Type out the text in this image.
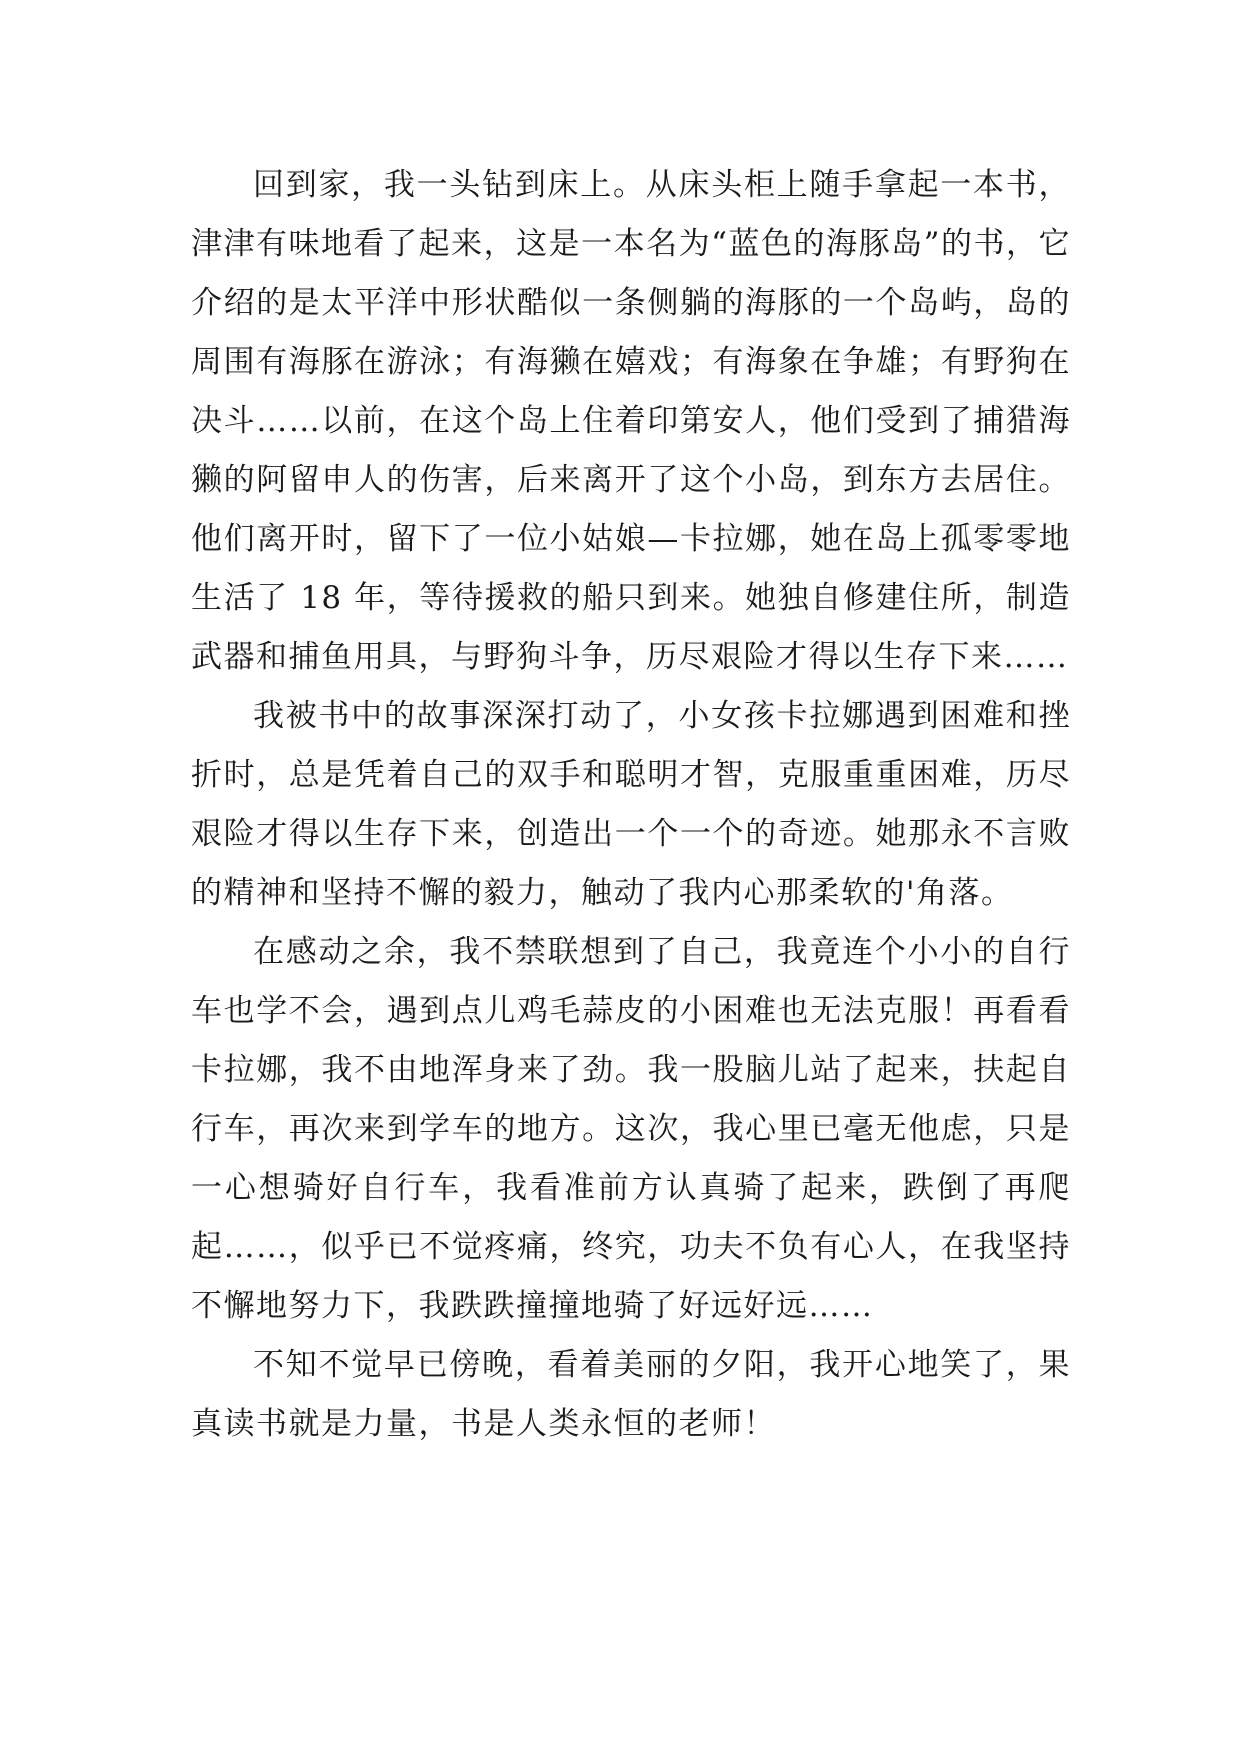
回到家，我一头钻到床上。从床头柜上随手拿起一本书，津津有味地看了起来，这是一本名为“蓝色的海豚岛”的书，它介绍的是太平洋中形状酷似一条侧躺的海豚的一个岛屿，岛的周围有海豚在游泳；有海獭在嬉戏；有海象在争雄；有野狗在决斗……以前，在这个岛上住着印第安人，他们受到了捕猎海獭的阿留申人的伤害，后来离开了这个小岛，到东方去居住。他们离开时，留下了一位小姑娘—卡拉娜，她在岛上孤零零地生活了 18 年，等待援救的船只到来。她独自修建住所，制造武器和捕鱼用具，与野狗斗争，历尽艰险才得以生存下来……

我被书中的故事深深打动了，小女孩卡拉娜遇到困难和挫折时，总是凭着自己的双手和聪明才智，克服重重困难，历尽艰险才得以生存下来，创造出一个一个的奇迹。她那永不言败的精神和坚持不懈的毅力，触动了我内心那柔软的'角落。

在感动之余，我不禁联想到了自己，我竟连个小小的自行车也学不会，遇到点儿鸡毛蒜皮的小困难也无法克服！再看看卡拉娜，我不由地浑身来了劲。我一股脑儿站了起来，扶起自行车，再次来到学车的地方。这次，我心里已毫无他虑，只是一心想骑好自行车，我看准前方认真骑了起来，跌倒了再爬起……，似乎已不觉疼痛，终究，功夫不负有心人，在我坚持不懈地努力下，我跌跌撞撞地骑了好远好远……

不知不觉早已傍晚，看着美丽的夕阳，我开心地笑了，果真读书就是力量，书是人类永恒的老师！
